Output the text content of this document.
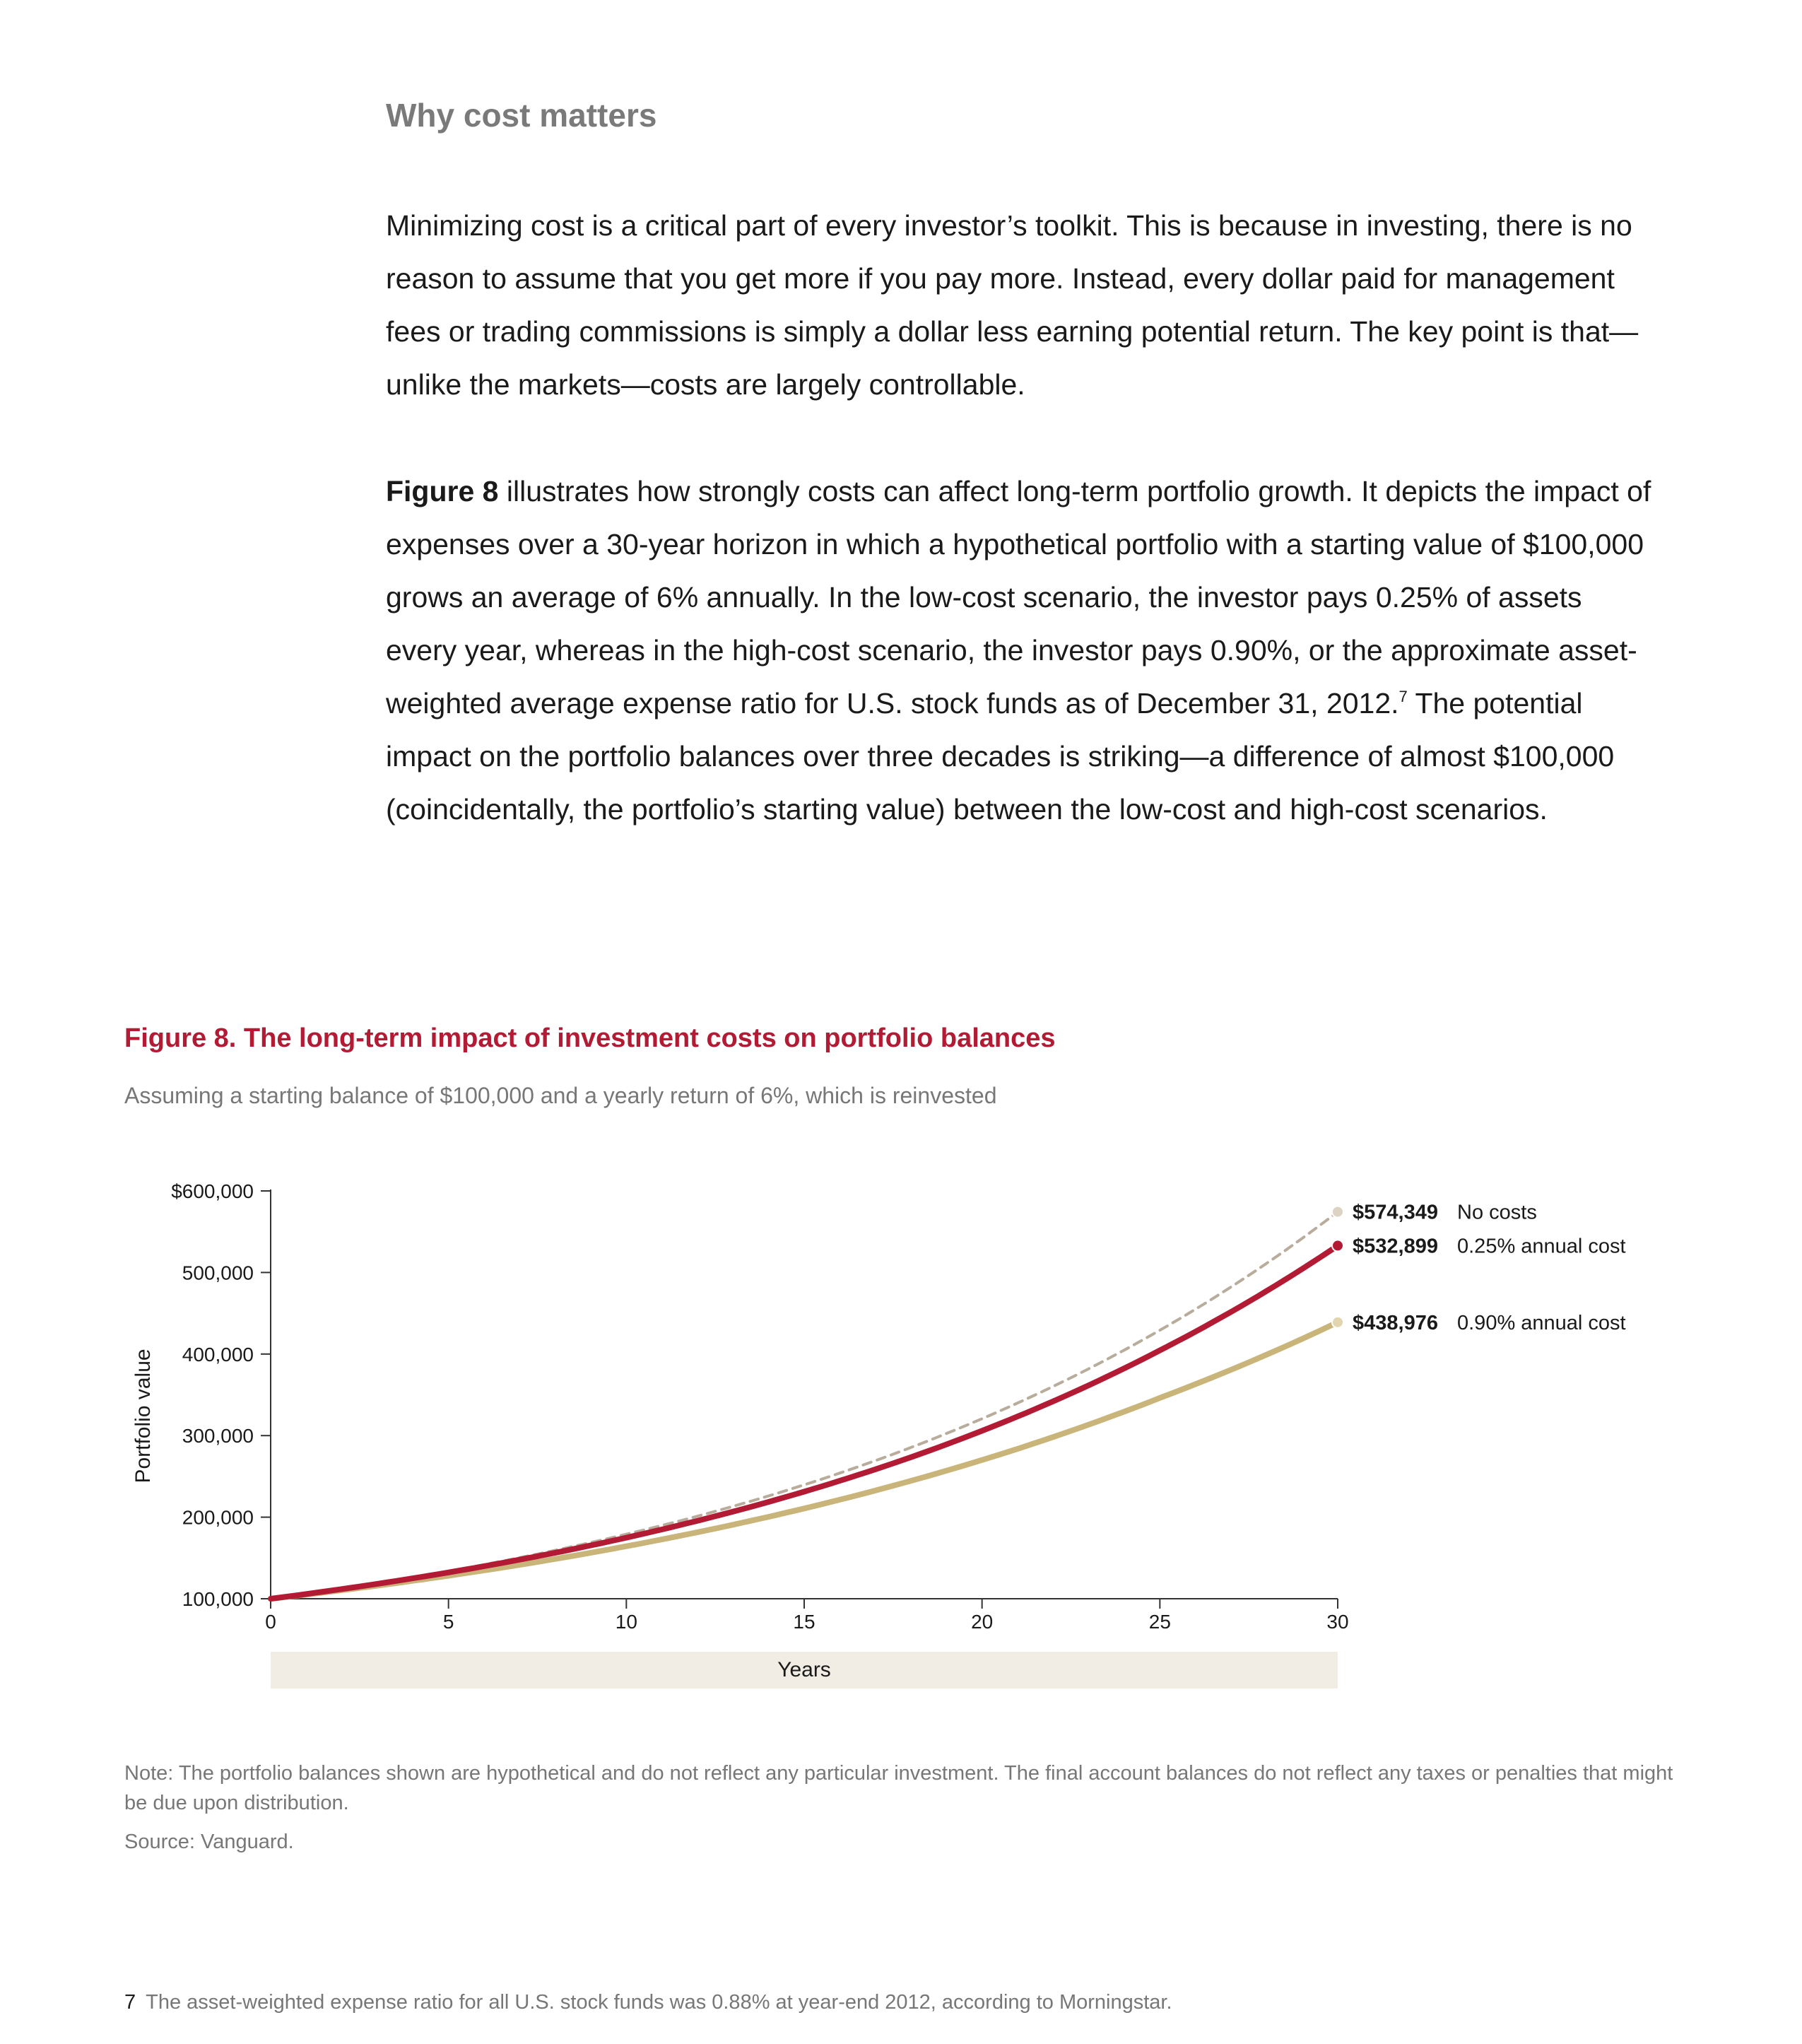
Why cost matters

Minimizing cost is a critical part of every investor’s toolkit. This is because in investing, there is no reason to assume that you get more if you pay more. Instead, every dollar paid for management fees or trading commissions is simply a dollar less earning potential return. The key point is that—unlike the markets—costs are largely controllable.

Figure 8 illustrates how strongly costs can affect long-term portfolio growth. It depicts the impact of expenses over a 30-year horizon in which a hypothetical portfolio with a starting value of $100,000 grows an average of 6% annually. In the low-cost scenario, the investor pays 0.25% of assets every year, whereas in the high-cost scenario, the investor pays 0.90%, or the approximate asset-weighted average expense ratio for U.S. stock funds as of December 31, 2012.$^7$ The potential impact on the portfolio balances over three decades is striking—a difference of almost $100,000 (coincidentally, the portfolio’s starting value) between the low-cost and high-cost scenarios.

Figure 8. The long-term impact of investment costs on portfolio balances

Assuming a starting balance of $100,000 and a yearly return of 6%, which is reinvested

Years
Portfolio value
100,000
200,000
300,000
400,000
500,000
$600,000
0	5	10	15	20	25	30
$574,349 No costs
$532,899 0.25% annual cost
$438,976 0.90% annual cost

Note: The portfolio balances shown are hypothetical and do not reflect any particular investment. The final account balances do not reflect any taxes or penalties that might be due upon distribution.

Source: Vanguard.

7 The asset-weighted expense ratio for all U.S. stock funds was 0.88% at year-end 2012, according to Morningstar.
